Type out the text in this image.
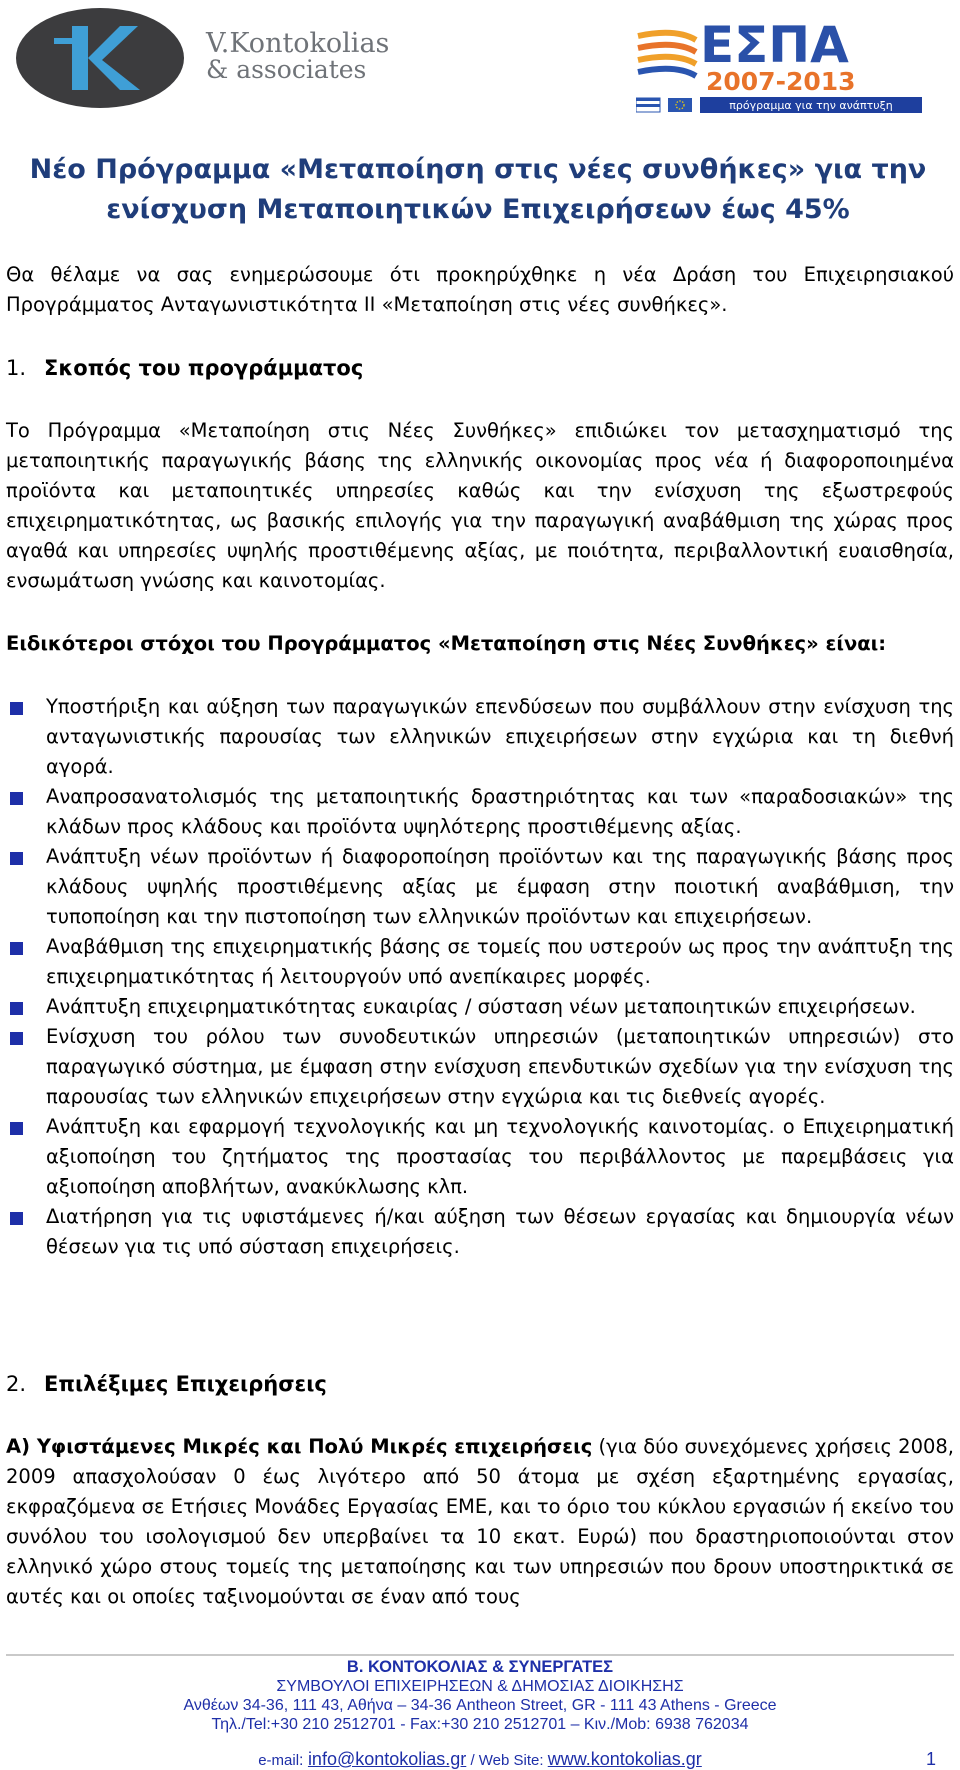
V.Kontokolias
& associates	ΕΣΠΑ
2007-2013
πρόγραμμα για την ανάπτυξη
Νέο Πρόγραμμα «Μεταποίηση στις νέες συνθήκες» για την ενίσχυση Μεταποιητικών Επιχειρήσεων έως 45%
Θα θέλαμε να σας ενημερώσουμε ότι προκηρύχθηκε η νέα Δράση του Επιχειρησιακού Προγράμματος Ανταγωνιστικότητα ΙΙ «Μεταποίηση στις νέες συνθήκες».
1. Σκοπός του προγράμματος
Το Πρόγραμμα «Μεταποίηση στις Νέες Συνθήκες» επιδιώκει τον μετασχηματισμό της μεταποιητικής παραγωγικής βάσης της ελληνικής οικονομίας προς νέα ή διαφοροποιημένα προϊόντα και μεταποιητικές υπηρεσίες καθώς και την ενίσχυση της εξωστρεφούς επιχειρηματικότητας, ως βασικής επιλογής για την παραγωγική αναβάθμιση της χώρας προς αγαθά και υπηρεσίες υψηλής προστιθέμενης αξίας, με ποιότητα, περιβαλλοντική ευαισθησία, ενσωμάτωση γνώσης και καινοτομίας.
Ειδικότεροι στόχοι του Προγράμματος «Μεταποίηση στις Νέες Συνθήκες» είναι:
Υποστήριξη και αύξηση των παραγωγικών επενδύσεων που συμβάλλουν στην ενίσχυση της ανταγωνιστικής παρουσίας των ελληνικών επιχειρήσεων στην εγχώρια και τη διεθνή αγορά.
Αναπροσανατολισμός της μεταποιητικής δραστηριότητας και των «παραδοσιακών» της κλάδων προς κλάδους και προϊόντα υψηλότερης προστιθέμενης αξίας.
Ανάπτυξη νέων προϊόντων ή διαφοροποίηση προϊόντων και της παραγωγικής βάσης προς κλάδους υψηλής προστιθέμενης αξίας με έμφαση στην ποιοτική αναβάθμιση, την τυποποίηση και την πιστοποίηση των ελληνικών προϊόντων και επιχειρήσεων.
Αναβάθμιση της επιχειρηματικής βάσης σε τομείς που υστερούν ως προς την ανάπτυξη της επιχειρηματικότητας ή λειτουργούν υπό ανεπίκαιρες μορφές.
Ανάπτυξη επιχειρηματικότητας ευκαιρίας / σύσταση νέων μεταποιητικών επιχειρήσεων.
Ενίσχυση του ρόλου των συνοδευτικών υπηρεσιών (μεταποιητικών υπηρεσιών) στο παραγωγικό σύστημα, με έμφαση στην ενίσχυση επενδυτικών σχεδίων για την ενίσχυση της παρουσίας των ελληνικών επιχειρήσεων στην εγχώρια και τις διεθνείς αγορές.
Ανάπτυξη και εφαρμογή τεχνολογικής και μη τεχνολογικής καινοτομίας. ο Επιχειρηματική αξιοποίηση του ζητήματος της προστασίας του περιβάλλοντος με παρεμβάσεις για αξιοποίηση αποβλήτων, ανακύκλωσης κλπ.
Διατήρηση για τις υφιστάμενες ή/και αύξηση των θέσεων εργασίας και δημιουργία νέων θέσεων για τις υπό σύσταση επιχειρήσεις.
2. Επιλέξιμες Επιχειρήσεις
Α) Υφιστάμενες Μικρές και Πολύ Μικρές επιχειρήσεις (για δύο συνεχόμενες χρήσεις 2008, 2009 απασχολούσαν 0 έως λιγότερο από 50 άτομα με σχέση εξαρτημένης εργασίας, εκφραζόμενα σε Ετήσιες Μονάδες Εργασίας ΕΜΕ, και το όριο του κύκλου εργασιών ή εκείνο του συνόλου του ισολογισμού δεν υπερβαίνει τα 10 εκατ. Ευρώ) που δραστηριοποιούνται στον ελληνικό χώρο στους τομείς της μεταποίησης και των υπηρεσιών που δρουν υποστηρικτικά σε αυτές και οι οποίες ταξινομούνται σε έναν από τους
Β. ΚΟΝΤΟΚΟΛΙΑΣ & ΣΥΝΕΡΓΑΤΕΣ
ΣΥΜΒΟΥΛΟΙ ΕΠΙΧΕΙΡΗΣΕΩΝ & ΔΗΜΟΣΙΑΣ ΔΙΟΙΚΗΣΗΣ
Ανθέων 34-36, 111 43, Αθήνα – 34-36 Antheon Street, GR - 111 43 Athens - Greece
Τηλ./Tel:+30 210 2512701 - Fax:+30 210 2512701 – Κιν./Mob: 6938 762034
e-mail: info@kontokolias.gr / Web Site: www.kontokolias.gr	1
